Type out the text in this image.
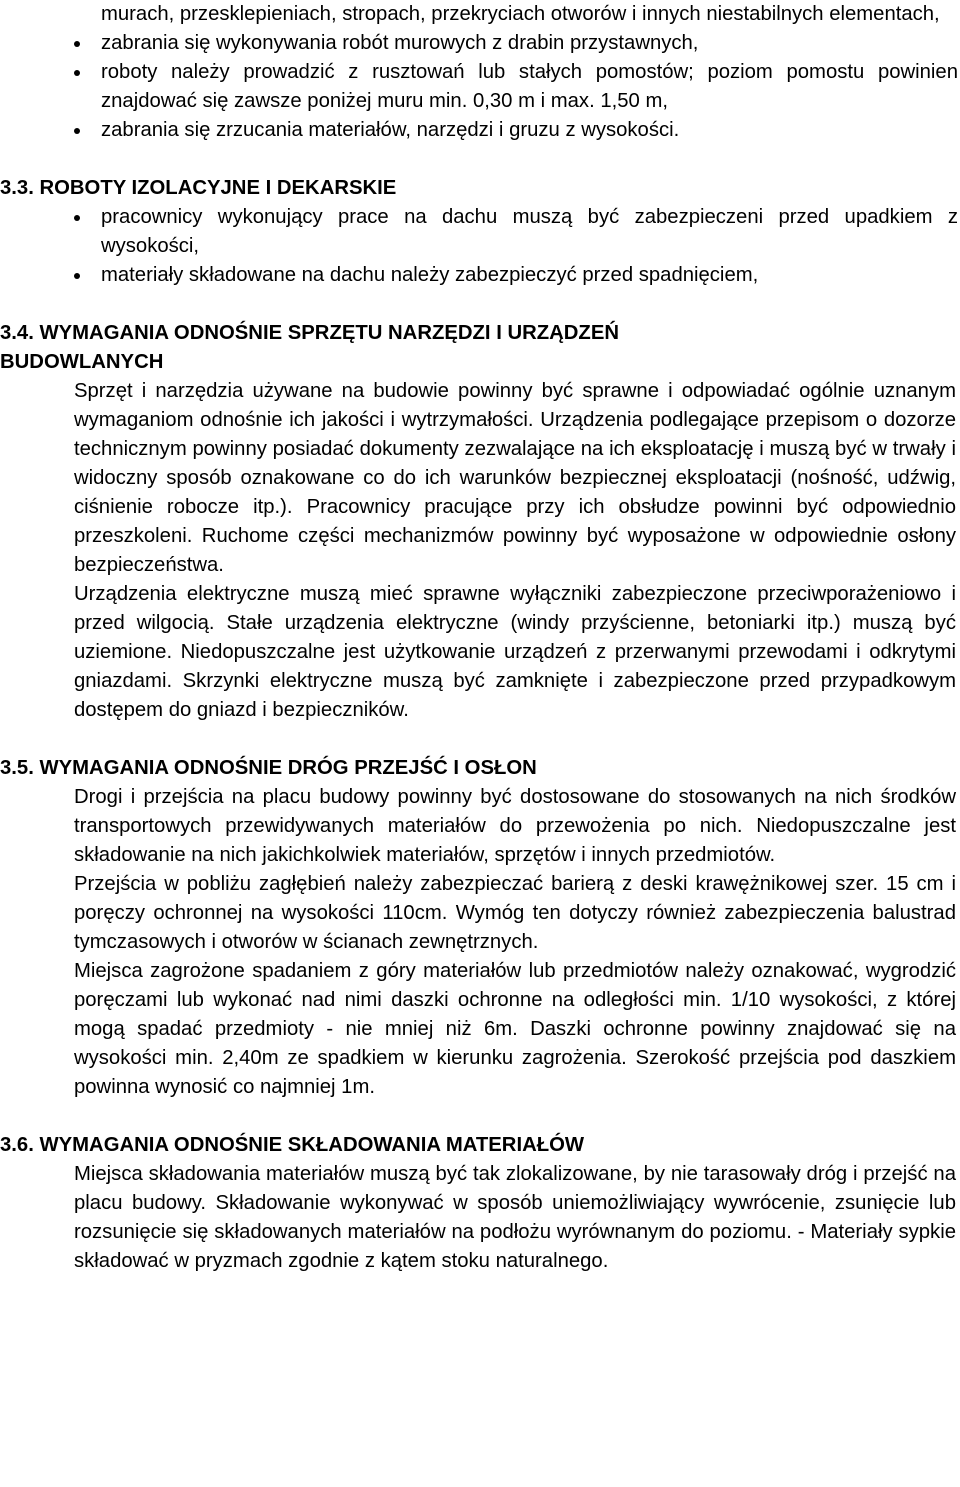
murach, przesklepieniach, stropach, przekryciach otworów i innych niestabilnych elementach,
zabrania się wykonywania robót murowych z drabin przystawnych,
roboty należy prowadzić z rusztowań lub stałych pomostów; poziom pomostu powinien znajdować się zawsze poniżej muru min. 0,30 m i max. 1,50 m,
zabrania się zrzucania materiałów, narzędzi i gruzu z wysokości.
3.3. ROBOTY IZOLACYJNE I DEKARSKIE
pracownicy wykonujący prace na dachu muszą być zabezpieczeni przed upadkiem z wysokości,
materiały składowane na dachu należy zabezpieczyć przed spadnięciem,
3.4. WYMAGANIA ODNOŚNIE SPRZĘTU NARZĘDZI I URZĄDZEŃ
BUDOWLANYCH

Sprzęt i narzędzia używane na budowie powinny być sprawne i odpowiadać ogólnie uznanym wymaganiom odnośnie ich jakości i wytrzymałości. Urządzenia podlegające przepisom o dozorze technicznym powinny posiadać dokumenty zezwalające na ich eksploatację i muszą być w trwały i widoczny sposób oznakowane co do ich warunków bezpiecznej eksploatacji (nośność, udźwig, ciśnienie robocze itp.). Pracownicy pracujące przy ich obsłudze powinni być odpowiednio przeszkoleni. Ruchome części mechanizmów powinny być wyposażone w odpowiednie osłony bezpieczeństwa.

Urządzenia elektryczne muszą mieć sprawne wyłączniki zabezpieczone przeciwporażeniowo i przed wilgocią. Stałe urządzenia elektryczne (windy przyścienne, betoniarki itp.) muszą być uziemione. Niedopuszczalne jest użytkowanie urządzeń z przerwanymi przewodami i odkrytymi gniazdami. Skrzynki elektryczne muszą być zamknięte i zabezpieczone przed przypadkowym dostępem do gniazd i bezpieczników.

3.5. WYMAGANIA ODNOŚNIE DRÓG PRZEJŚĆ I OSŁON

Drogi i przejścia na placu budowy powinny być dostosowane do stosowanych na nich środków transportowych przewidywanych materiałów do przewożenia po nich. Niedopuszczalne jest składowanie na nich jakichkolwiek materiałów, sprzętów i innych przedmiotów.

Przejścia w pobliżu zagłębień należy zabezpieczać barierą z deski krawężnikowej szer. 15 cm i poręczy ochronnej na wysokości 110cm. Wymóg ten dotyczy również zabezpieczenia balustrad tymczasowych i otworów w ścianach zewnętrznych.

Miejsca zagrożone spadaniem z góry materiałów lub przedmiotów należy oznakować, wygrodzić poręczami lub wykonać nad nimi daszki ochronne na odległości min. 1/10 wysokości, z której mogą spadać przedmioty - nie mniej niż 6m. Daszki ochronne powinny znajdować się na wysokości min. 2,40m ze spadkiem w kierunku zagrożenia. Szerokość przejścia pod daszkiem powinna wynosić co najmniej 1m.

3.6. WYMAGANIA ODNOŚNIE SKŁADOWANIA MATERIAŁÓW

Miejsca składowania materiałów muszą być tak zlokalizowane, by nie tarasowały dróg i przejść na placu budowy. Składowanie wykonywać w sposób uniemożliwiający wywrócenie, zsunięcie lub rozsunięcie się składowanych materiałów na podłożu wyrównanym do poziomu. - Materiały sypkie składować w pryzmach zgodnie z kątem stoku naturalnego.
